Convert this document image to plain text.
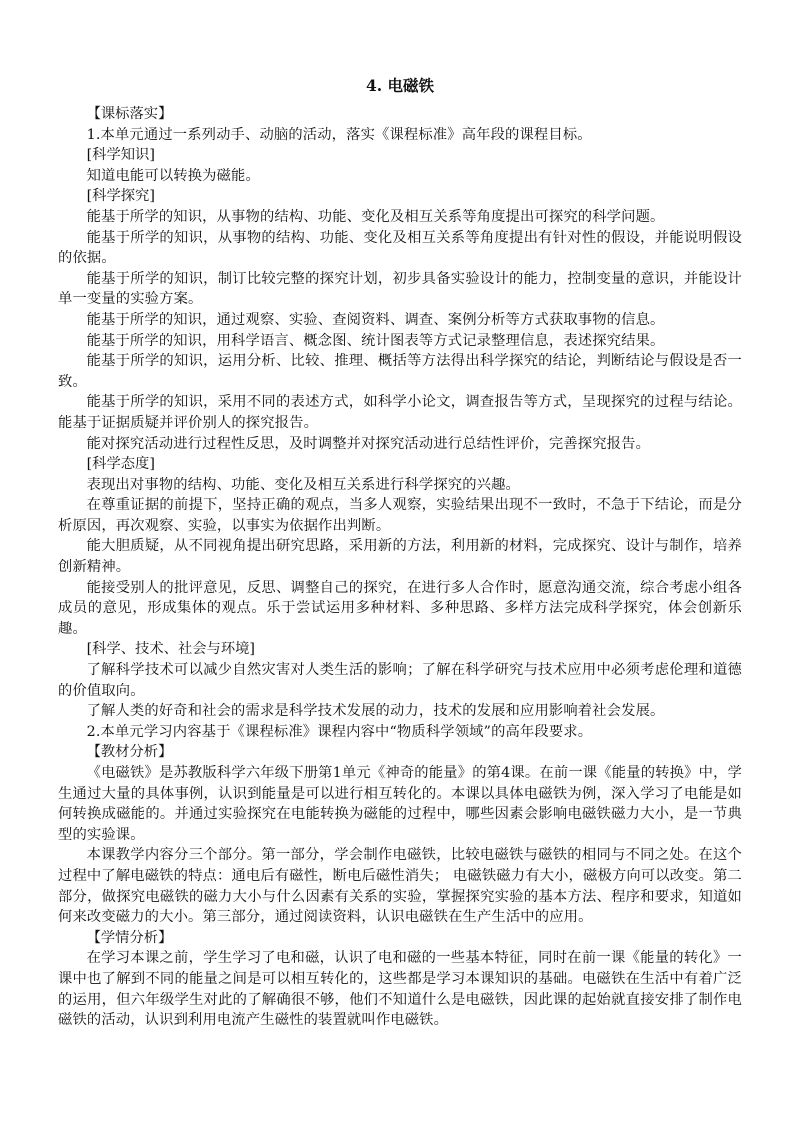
4. 电磁铁
【课标落实】
1.本单元通过一系列动手、动脑的活动，落实《课程标准》高年段的课程目标。
[科学知识]
知道电能可以转换为磁能。
[科学探究]
能基于所学的知识，从事物的结构、功能、变化及相互关系等角度提出可探究的科学问题。
能基于所学的知识，从事物的结构、功能、变化及相互关系等角度提出有针对性的假设，并能说明假设的依据。
能基于所学的知识，制订比较完整的探究计划，初步具备实验设计的能力，控制变量的意识，并能设计单一变量的实验方案。
能基于所学的知识，通过观察、实验、查阅资料、调查、案例分析等方式获取事物的信息。
能基于所学的知识，用科学语言、概念图、统计图表等方式记录整理信息，表述探究结果。
能基于所学的知识，运用分析、比较、推理、概括等方法得出科学探究的结论，判断结论与假设是否一致。
能基于所学的知识，采用不同的表述方式，如科学小论文，调查报告等方式，呈现探究的过程与结论。能基于证据质疑并评价别人的探究报告。
能对探究活动进行过程性反思，及时调整并对探究活动进行总结性评价，完善探究报告。
[科学态度]
表现出对事物的结构、功能、变化及相互关系进行科学探究的兴趣。
在尊重证据的前提下，坚持正确的观点，当多人观察，实验结果出现不一致时，不急于下结论，而是分析原因，再次观察、实验，以事实为依据作出判断。
能大胆质疑，从不同视角提出研究思路，采用新的方法，利用新的材料，完成探究、设计与制作，培养创新精神。
能接受别人的批评意见，反思、调整自己的探究，在进行多人合作时，愿意沟通交流，综合考虑小组各成员的意见，形成集体的观点。乐于尝试运用多种材料、多种思路、多样方法完成科学探究，体会创新乐趣。
[科学、技术、社会与环境]
了解科学技术可以减少自然灾害对人类生活的影响；了解在科学研究与技术应用中必须考虑伦理和道德的价值取向。
了解人类的好奇和社会的需求是科学技术发展的动力，技术的发展和应用影响着社会发展。
2.本单元学习内容基于《课程标准》课程内容中“物质科学领域”的高年段要求。
【教材分析】
《电磁铁》是苏教版科学六年级下册第1单元《神奇的能量》的第4课。在前一课《能量的转换》中，学生通过大量的具体事例，认识到能量是可以进行相互转化的。本课以具体电磁铁为例，深入学习了电能是如何转换成磁能的。并通过实验探究在电能转换为磁能的过程中，哪些因素会影响电磁铁磁力大小，是一节典型的实验课。
本课教学内容分三个部分。第一部分，学会制作电磁铁，比较电磁铁与磁铁的相同与不同之处。在这个过程中了解电磁铁的特点：通电后有磁性，断电后磁性消失； 电磁铁磁力有大小，磁极方向可以改变。第二部分，做探究电磁铁的磁力大小与什么因素有关系的实验，掌握探究实验的基本方法、程序和要求，知道如何来改变磁力的大小。第三部分，通过阅读资料，认识电磁铁在生产生活中的应用。
【学情分析】
在学习本课之前，学生学习了电和磁，认识了电和磁的一些基本特征，同时在前一课《能量的转化》一课中也了解到不同的能量之间是可以相互转化的，这些都是学习本课知识的基础。电磁铁在生活中有着广泛的运用，但六年级学生对此的了解确很不够，他们不知道什么是电磁铁，因此课的起始就直接安排了制作电磁铁的活动，认识到利用电流产生磁性的装置就叫作电磁铁。
